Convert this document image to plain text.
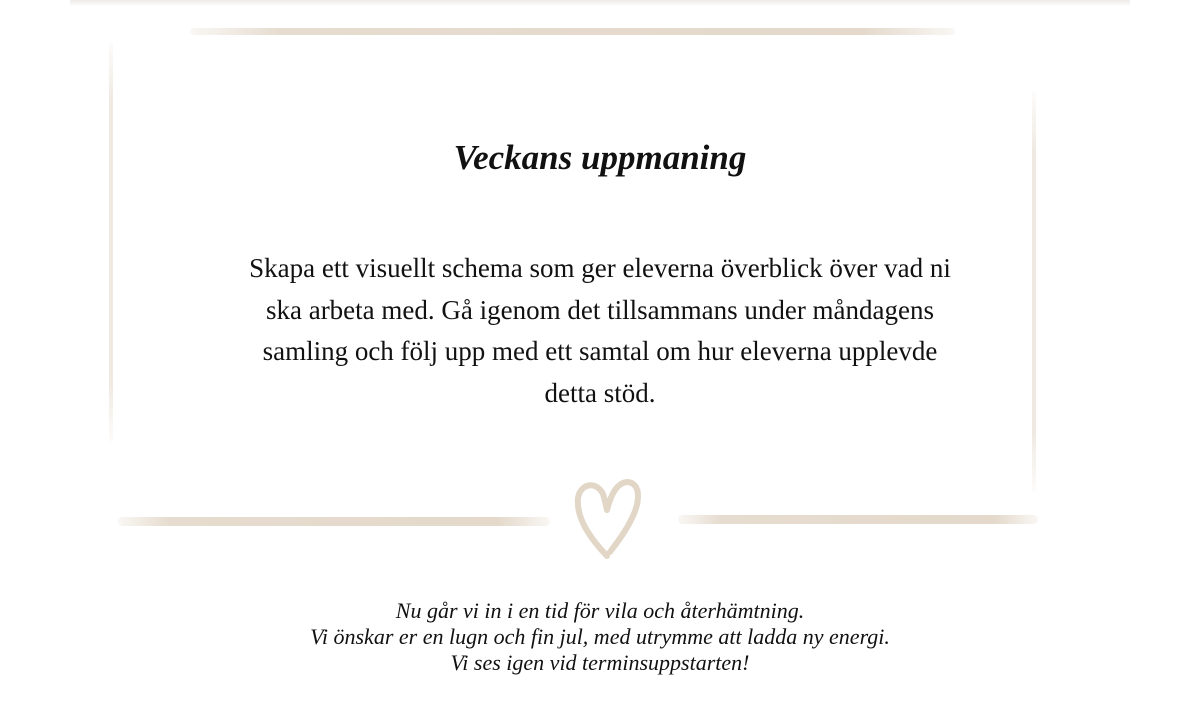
Veckans uppmaning

Skapa ett visuellt schema som ger eleverna överblick över vad ni ska arbeta med. Gå igenom det tillsammans under måndagens samling och följ upp med ett samtal om hur eleverna upplevde detta stöd.

Nu går vi in i en tid för vila och återhämtning.
Vi önskar er en lugn och fin jul, med utrymme att ladda ny energi.
Vi ses igen vid terminsuppstarten!
